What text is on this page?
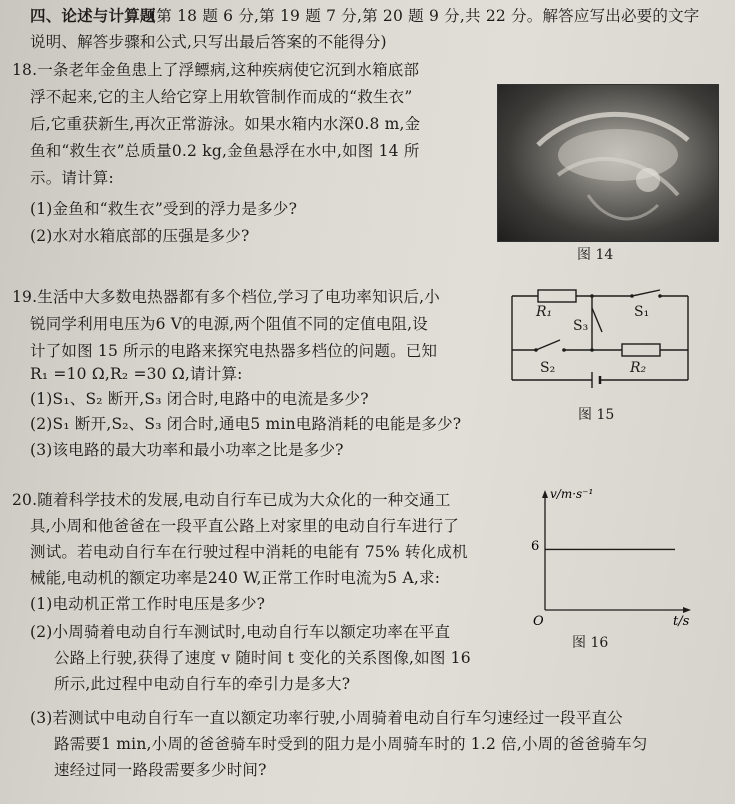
四、论述与计算题
(第 18 题 6 分,第 19 题 7 分,第 20 题 9 分,共 22 分。解答应写出必要的文字
说明、解答步骤和公式,只写出最后答案的不能得分)
18.一条老年金鱼患上了浮鳔病,这种疾病使它沉到水箱底部
浮不起来,它的主人给它穿上用软管制作而成的“救生衣”
后,它重获新生,再次正常游泳。如果水箱内水深0.8 m,金
鱼和“救生衣”总质量0.2 kg,金鱼悬浮在水中,如图 14 所
示。请计算:
(1)金鱼和“救生衣”受到的浮力是多少?
(2)水对水箱底部的压强是多少?
图 14
19.生活中大多数电热器都有多个档位,学习了电功率知识后,小
锐同学利用电压为6 V的电源,两个阻值不同的定值电阻,设
计了如图 15 所示的电路来探究电热器多档位的问题。已知
R₁ =10 Ω,R₂ =30 Ω,请计算:
(1)S₁、S₂ 断开,S₃ 闭合时,电路中的电流是多少?
(2)S₁ 断开,S₂、S₃ 闭合时,通电5 min电路消耗的电能是多少?
(3)该电路的最大功率和最小功率之比是多少?
R₁	S₁
S₃
S₂	R₂
图 15
20.随着科学技术的发展,电动自行车已成为大众化的一种交通工
具,小周和他爸爸在一段平直公路上对家里的电动自行车进行了
测试。若电动自行车在行驶过程中消耗的电能有 75% 转化成机
械能,电动机的额定功率是240 W,正常工作时电流为5 A,求:
(1)电动机正常工作时电压是多少?
(2)小周骑着电动自行车测试时,电动自行车以额定功率在平直
公路上行驶,获得了速度 v 随时间 t 变化的关系图像,如图 16
所示,此过程中电动自行车的牵引力是多大?
(3)若测试中电动自行车一直以额定功率行驶,小周骑着电动自行车匀速经过一段平直公
路需要1 min,小周的爸爸骑车时受到的阻力是小周骑车时的 1.2 倍,小周的爸爸骑车匀
速经过同一路段需要多少时间?
v/m·s⁻¹
O	t/s
6
图 16
